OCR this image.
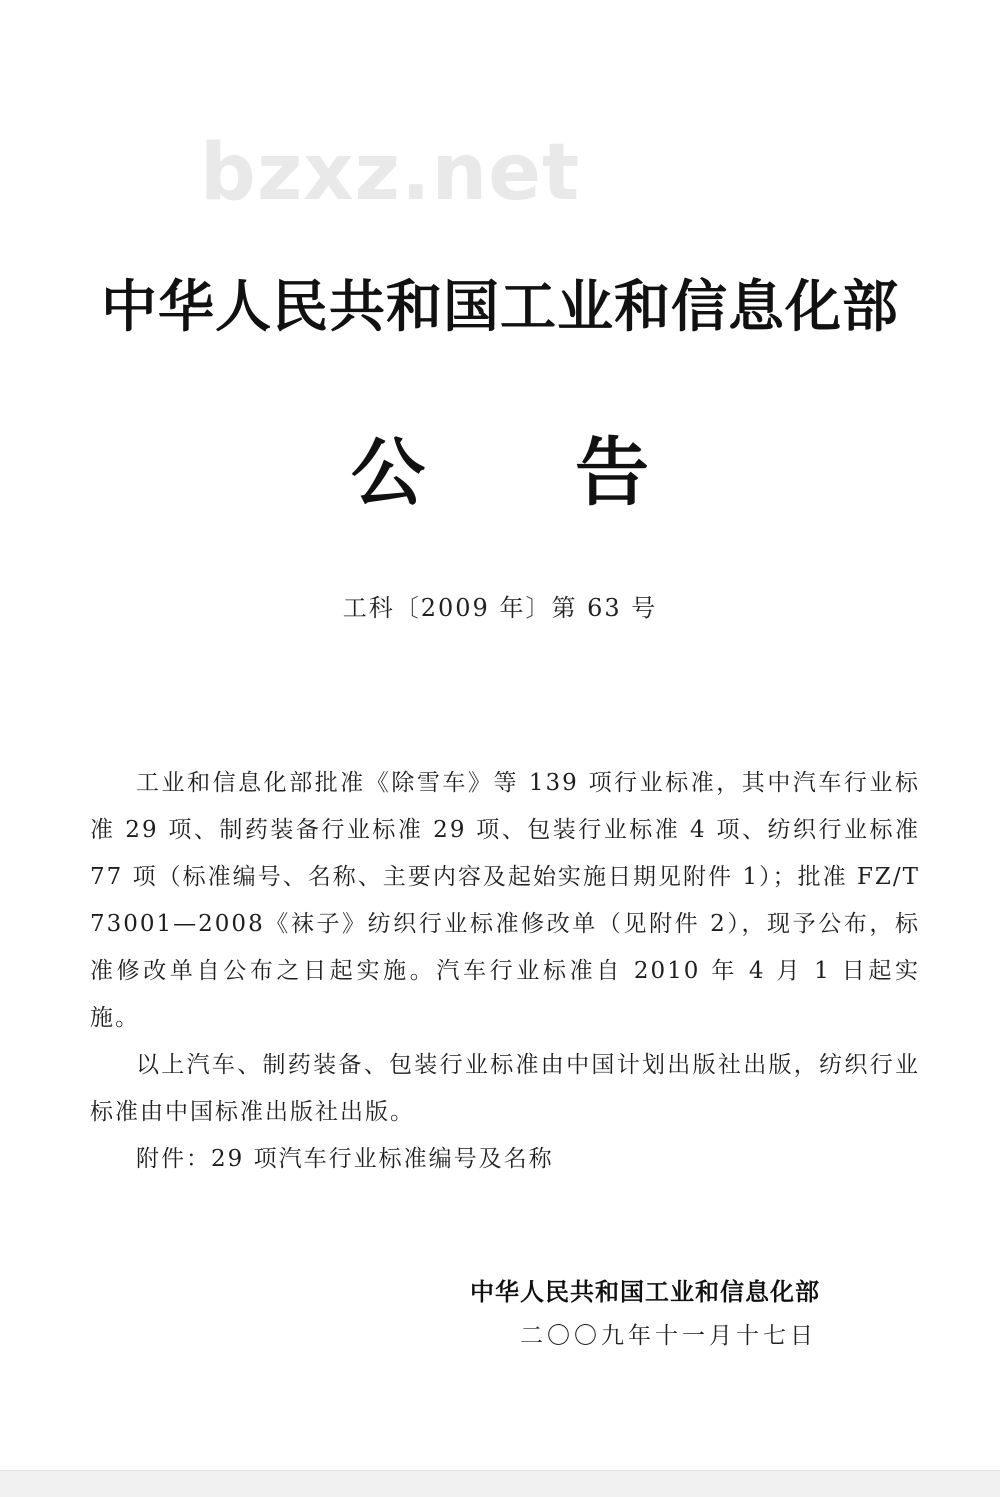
bzxz.net
中华人民共和国工业和信息化部
公 告
工科〔2009 年〕第 63 号

工业和信息化部批准《除雪车》等 139 项行业标准，其中汽车行业标准 29 项、制药装备行业标准 29 项、包装行业标准 4 项、纺织行业标准 77 项（标准编号、名称、主要内容及起始实施日期见附件 1）；批准 FZ/T 73001—2008《袜子》纺织行业标准修改单（见附件 2），现予公布，标准修改单自公布之日起实施。汽车行业标准自 2010 年 4 月 1 日起实施。

以上汽车、制药装备、包装行业标准由中国计划出版社出版，纺织行业标准由中国标准出版社出版。

附件：29 项汽车行业标准编号及名称

中华人民共和国工业和信息化部
二〇〇九年十一月十七日
